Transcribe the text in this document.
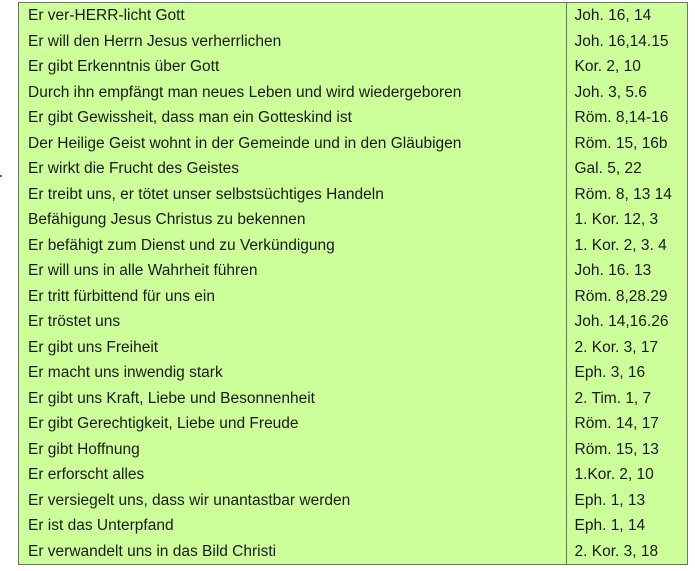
Er ver-HERR-licht Gott	Joh. 16, 14
Er will den Herrn Jesus verherrlichen	Joh. 16,14.15
Er gibt Erkenntnis über Gott	Kor. 2, 10
Durch ihn empfängt man neues Leben und wird wiedergeboren	Joh. 3, 5.6
Er gibt Gewissheit, dass man ein Gotteskind ist	Röm. 8,14-16
Der Heilige Geist wohnt in der Gemeinde und in den Gläubigen	Röm. 15, 16b
Er wirkt die Frucht des Geistes	Gal. 5, 22
Er treibt uns, er tötet unser selbstsüchtiges Handeln	Röm. 8, 13 14
Befähigung Jesus Christus zu bekennen	1. Kor. 12, 3
Er befähigt zum Dienst und zu Verkündigung	1. Kor. 2, 3. 4
Er will uns in alle Wahrheit führen	Joh. 16. 13
Er tritt fürbittend für uns ein	Röm. 8,28.29
Er tröstet uns	Joh. 14,16.26
Er gibt uns Freiheit	2. Kor. 3, 17
Er macht uns inwendig stark	Eph. 3, 16
Er gibt uns Kraft, Liebe und Besonnenheit	2. Tim. 1, 7
Er gibt Gerechtigkeit, Liebe und Freude	Röm. 14, 17
Er gibt Hoffnung	Röm. 15, 13
Er erforscht alles	1.Kor. 2, 10
Er versiegelt uns, dass wir unantastbar werden	Eph. 1, 13
Er ist das Unterpfand	Eph. 1, 14
Er verwandelt uns in das Bild Christi	2. Kor. 3, 18
